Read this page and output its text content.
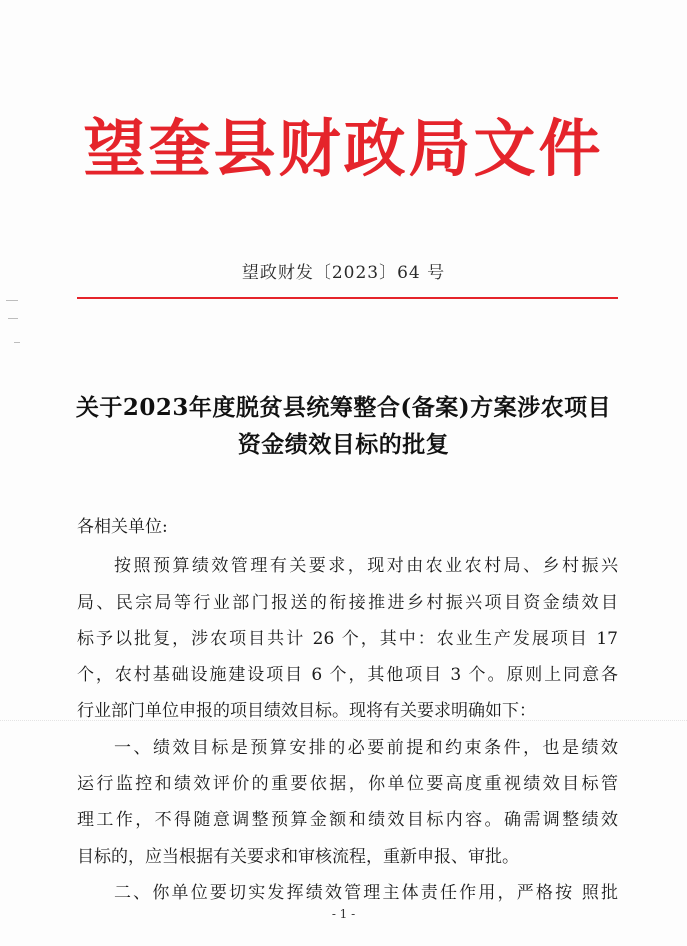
望奎县财政局文件
望政财发〔2023〕64 号
关于2023年度脱贫县统筹整合(备案)方案涉农项目
资金绩效目标的批复
各相关单位:
按照预算绩效管理有关要求，现对由农业农村局、乡村振兴
局、民宗局等行业部门报送的衔接推进乡村振兴项目资金绩效目
标予以批复，涉农项目共计 26 个，其中：农业生产发展项目 17
个，农村基础设施建设项目 6 个，其他项目 3 个。原则上同意各
行业部门单位申报的项目绩效目标。现将有关要求明确如下：
一、绩效目标是预算安排的必要前提和约束条件，也是绩效
运行监控和绩效评价的重要依据，你单位要高度重视绩效目标管
理工作，不得随意调整预算金额和绩效目标内容。确需调整绩效
目标的，应当根据有关要求和审核流程，重新申报、审批。
二、你单位要切实发挥绩效管理主体责任作用，严格按 照批
- 1 -
